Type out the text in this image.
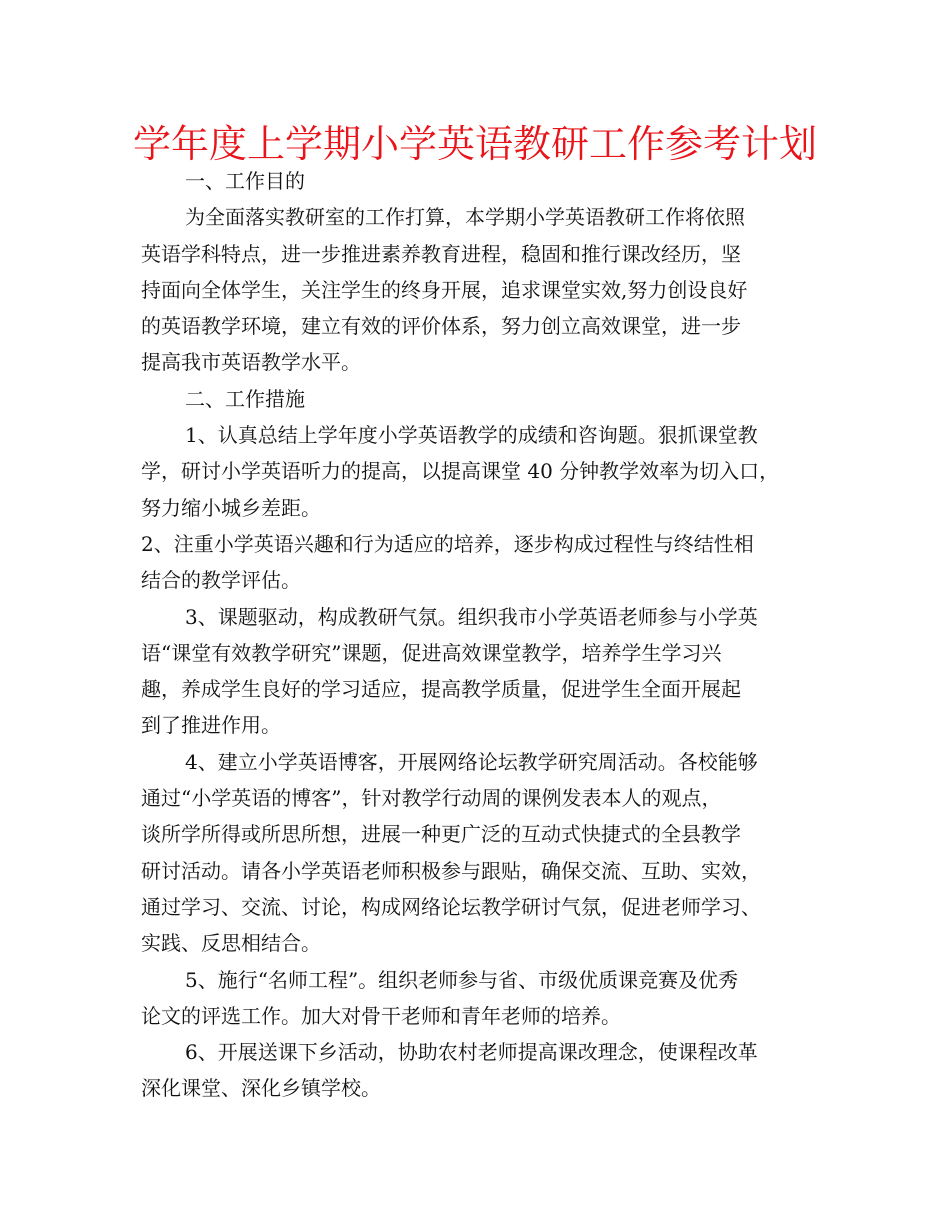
学年度上学期小学英语教研工作参考计划
一、工作目的
为全面落实教研室的工作打算，本学期小学英语教研工作将依照
英语学科特点，进一步推进素养教育进程，稳固和推行课改经历，坚
持面向全体学生，关注学生的终身开展，追求课堂实效,努力创设良好
的英语教学环境，建立有效的评价体系，努力创立高效课堂，进一步
提高我市英语教学水平。
二、工作措施
1、认真总结上学年度小学英语教学的成绩和咨询题。狠抓课堂教
学，研讨小学英语听力的提高，以提高课堂 40 分钟教学效率为切入口，
努力缩小城乡差距。
2、注重小学英语兴趣和行为适应的培养，逐步构成过程性与终结性相
结合的教学评估。
3、课题驱动，构成教研气氛。组织我市小学英语老师参与小学英
语“课堂有效教学研究”课题，促进高效课堂教学，培养学生学习兴
趣，养成学生良好的学习适应，提高教学质量，促进学生全面开展起
到了推进作用。
4、建立小学英语博客，开展网络论坛教学研究周活动。各校能够
通过“小学英语的博客”，针对教学行动周的课例发表本人的观点，
谈所学所得或所思所想，进展一种更广泛的互动式快捷式的全县教学
研讨活动。请各小学英语老师积极参与跟贴，确保交流、互助、实效，
通过学习、交流、讨论，构成网络论坛教学研讨气氛，促进老师学习、
实践、反思相结合。
5、施行“名师工程”。组织老师参与省、市级优质课竞赛及优秀
论文的评选工作。加大对骨干老师和青年老师的培养。
6、开展送课下乡活动，协助农村老师提高课改理念，使课程改革
深化课堂、深化乡镇学校。
